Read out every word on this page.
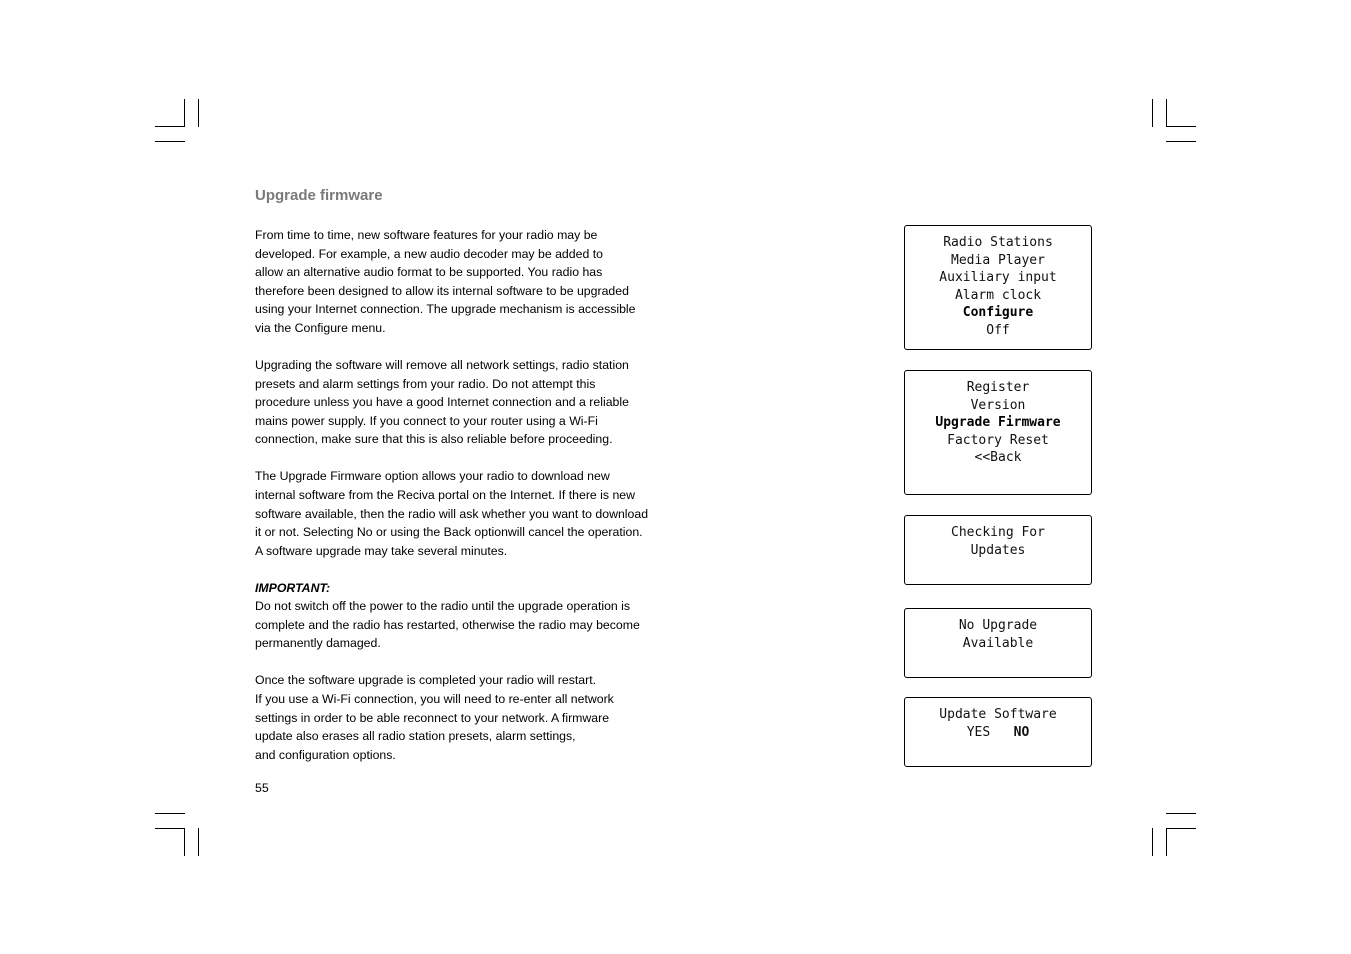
Upgrade firmware

From time to time, new software features for your radio may be
developed. For example, a new audio decoder may be added to
allow an alternative audio format to be supported. You radio has
therefore been designed to allow its internal software to be upgraded
using your Internet connection. The upgrade mechanism is accessible
via the Configure menu.

Upgrading the software will remove all network settings, radio station
presets and alarm settings from your radio. Do not attempt this
procedure unless you have a good Internet connection and a reliable
mains power supply. If you connect to your router using a Wi-Fi
connection, make sure that this is also reliable before proceeding.

The Upgrade Firmware option allows your radio to download new
internal software from the Reciva portal on the Internet. If there is new
software available, then the radio will ask whether you want to download
it or not. Selecting No or using the Back optionwill cancel the operation.
A software upgrade may take several minutes.

IMPORTANT:
Do not switch off the power to the radio until the upgrade operation is
complete and the radio has restarted, otherwise the radio may become
permanently damaged.

Once the software upgrade is completed your radio will restart.
If you use a Wi-Fi connection, you will need to re-enter all network
settings in order to be able reconnect to your network. A firmware
update also erases all radio station presets, alarm settings,
and configuration options.

55
Radio Stations
Media Player
Auxiliary input
Alarm clock
Configure
Off
Register
Version
Upgrade Firmware
Factory Reset
<<Back
Checking For
Updates
No Upgrade
Available
Update Software
YES NO
